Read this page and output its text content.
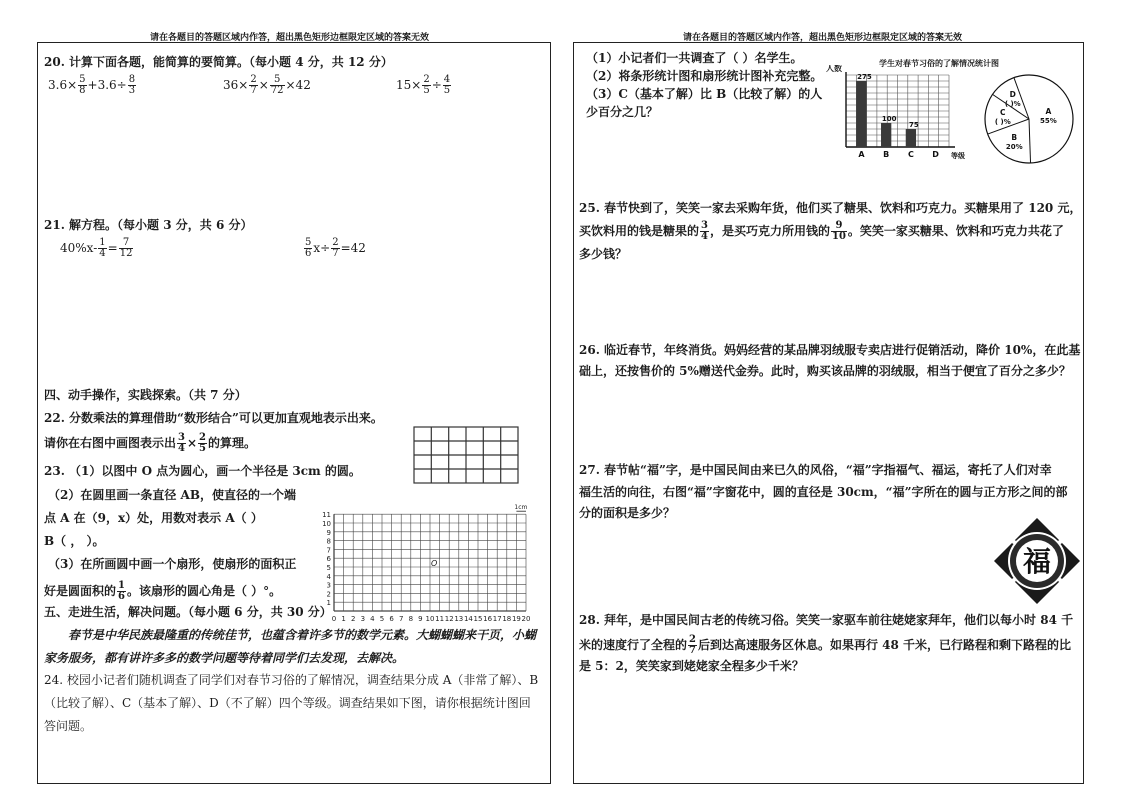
请在各题目的答题区域内作答，超出黑色矩形边框限定区域的答案无效	请在各题目的答题区域内作答，超出黑色矩形边框限定区域的答案无效
20. 计算下面各题，能简算的要简算。（每小题 4 分，共 12 分）
$3.6\times \frac{5}{8} +3.6\div \frac{8}{3}$	$36\times \frac{2}{7} \times \frac{5}{72} \times 42$	$15\times \frac{2}{5} \div \frac{4}{5}$
21. 解方程。（每小题 3 分，共 6 分）
$40\%x- \frac{1}{4} = \frac{7}{12}$	$\frac{5}{6} x\div \frac{2}{7} =42$
四、动手操作，实践探索。（共 7 分）
22. 分数乘法的算理借助“数形结合”可以更加直观地表示出来。
请你在右图中画图表示出 $\frac{3}{4} \times \frac{2}{5}$ 的算理。
23. （1）以图中 O 点为圆心，画一个半径是 3cm 的圆。
（2）在圆里画一条直径 AB，使直径的一个端
点 A 在（9，x）处，用数对表示 A（ ）
B（ ， ）。
（3）在所画圆中画一个扇形，使扇形的面积正
好是圆面积的 $\frac{1}{6}$ 。该扇形的圆心角是（ ）°。
0 1 2 3 4 5 6 7 8 9 10 11 12 13 14 15 16 17 18 19 20
1
2
3
4
5
6
7
8
9
10
11
O
1cm
五、走进生活，解决问题。（每小题 6 分，共 30 分）
春节是中华民族最隆重的传统佳节，也蕴含着许多节的数学元素。大蝴蝴蝴来干页，小蝴
家务服务，都有讲许多多的数学问题等待着同学们去发现，去解决。
24. 校园小记者们随机调查了同学们对春节习俗的了解情况，调查结果分成 A（非常了解）、B
（比较了解）、C（基本了解）、D（不了解）四个等级。调查结果如下图，请你根据统计图回
答问题。
（1）小记者们一共调查了（ ）名学生。
（2）将条形统计图和扇形统计图补充完整。
（3）C（基本了解）比 B（比较了解）的人
少百分之几？
学生对春节习俗的了解情况统计图
人数
275
A
100
B
75
C D 等级
A
55%
B
20%
C
( )%
D
( )%
25. 春节快到了，笑笑一家去采购年货，他们买了糖果、饮料和巧克力。买糖果用了 120 元，
买饮料用的钱是糖果的 $\frac{3}{4}$ ，是买巧克力所用钱的 $\frac{9}{10}$ 。笑笑一家买糖果、饮料和巧克力共花了
多少钱？
26. 临近春节，年终消货。妈妈经营的某品牌羽绒服专卖店进行促销活动，降价 10%，在此基
础上，还按售价的 5%赠送代金券。此时，购买该品牌的羽绒服，相当于便宜了百分之多少？
27. 春节帖“福”字，是中国民间由来已久的风俗，“福”字指福气、福运，寄托了人们对幸
福生活的向往，右图“福”字窗花中，圆的直径是 30cm，“福”字所在的圆与正方形之间的部
分的面积是多少？
福
28. 拜年，是中国民间古老的传统习俗。笑笑一家驱车前往姥姥家拜年，他们以每小时 84 千
米的速度行了全程的 $\frac{2}{7}$ 后到达高速服务区休息。如果再行 48 千米，已行路程和剩下路程的比
是 5：2，笑笑家到姥姥家全程多少千米？
